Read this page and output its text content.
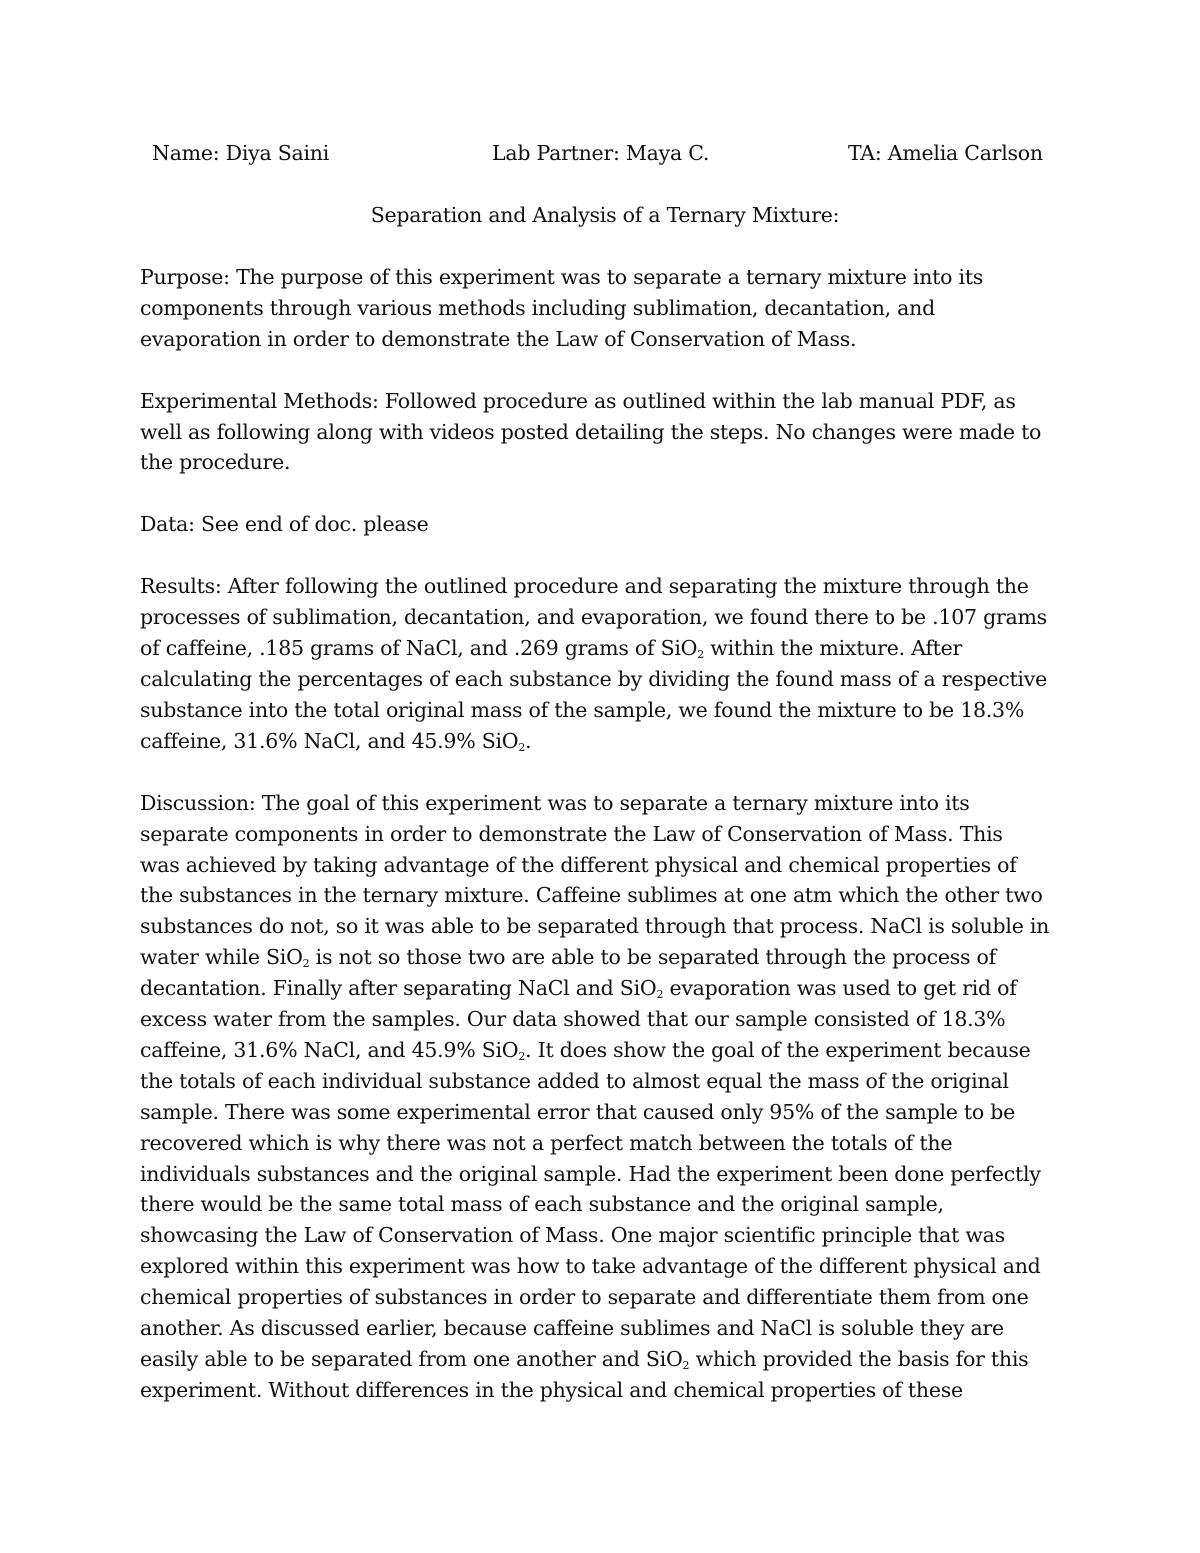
Name: Diya Saini	Lab Partner: Maya C.	TA: Amelia Carlson
Separation and Analysis of a Ternary Mixture:
Purpose: The purpose of this experiment was to separate a ternary mixture into its
components through various methods including sublimation, decantation, and
evaporation in order to demonstrate the Law of Conservation of Mass.
Experimental Methods: Followed procedure as outlined within the lab manual PDF, as
well as following along with videos posted detailing the steps. No changes were made to
the procedure.
Data: See end of doc. please
Results: After following the outlined procedure and separating the mixture through the
processes of sublimation, decantation, and evaporation, we found there to be .107 grams
of caffeine, .185 grams of NaCl, and .269 grams of SiO$_2$ within the mixture. After
calculating the percentages of each substance by dividing the found mass of a respective
substance into the total original mass of the sample, we found the mixture to be 18.3%
caffeine, 31.6% NaCl, and 45.9% SiO$_2$.
Discussion: The goal of this experiment was to separate a ternary mixture into its
separate components in order to demonstrate the Law of Conservation of Mass. This
was achieved by taking advantage of the different physical and chemical properties of
the substances in the ternary mixture. Caffeine sublimes at one atm which the other two
substances do not, so it was able to be separated through that process. NaCl is soluble in
water while SiO$_2$ is not so those two are able to be separated through the process of
decantation. Finally after separating NaCl and SiO$_2$ evaporation was used to get rid of
excess water from the samples. Our data showed that our sample consisted of 18.3%
caffeine, 31.6% NaCl, and 45.9% SiO$_2$. It does show the goal of the experiment because
the totals of each individual substance added to almost equal the mass of the original
sample. There was some experimental error that caused only 95% of the sample to be
recovered which is why there was not a perfect match between the totals of the
individuals substances and the original sample. Had the experiment been done perfectly
there would be the same total mass of each substance and the original sample,
showcasing the Law of Conservation of Mass. One major scientific principle that was
explored within this experiment was how to take advantage of the different physical and
chemical properties of substances in order to separate and differentiate them from one
another. As discussed earlier, because caffeine sublimes and NaCl is soluble they are
easily able to be separated from one another and SiO$_2$ which provided the basis for this
experiment. Without differences in the physical and chemical properties of these
